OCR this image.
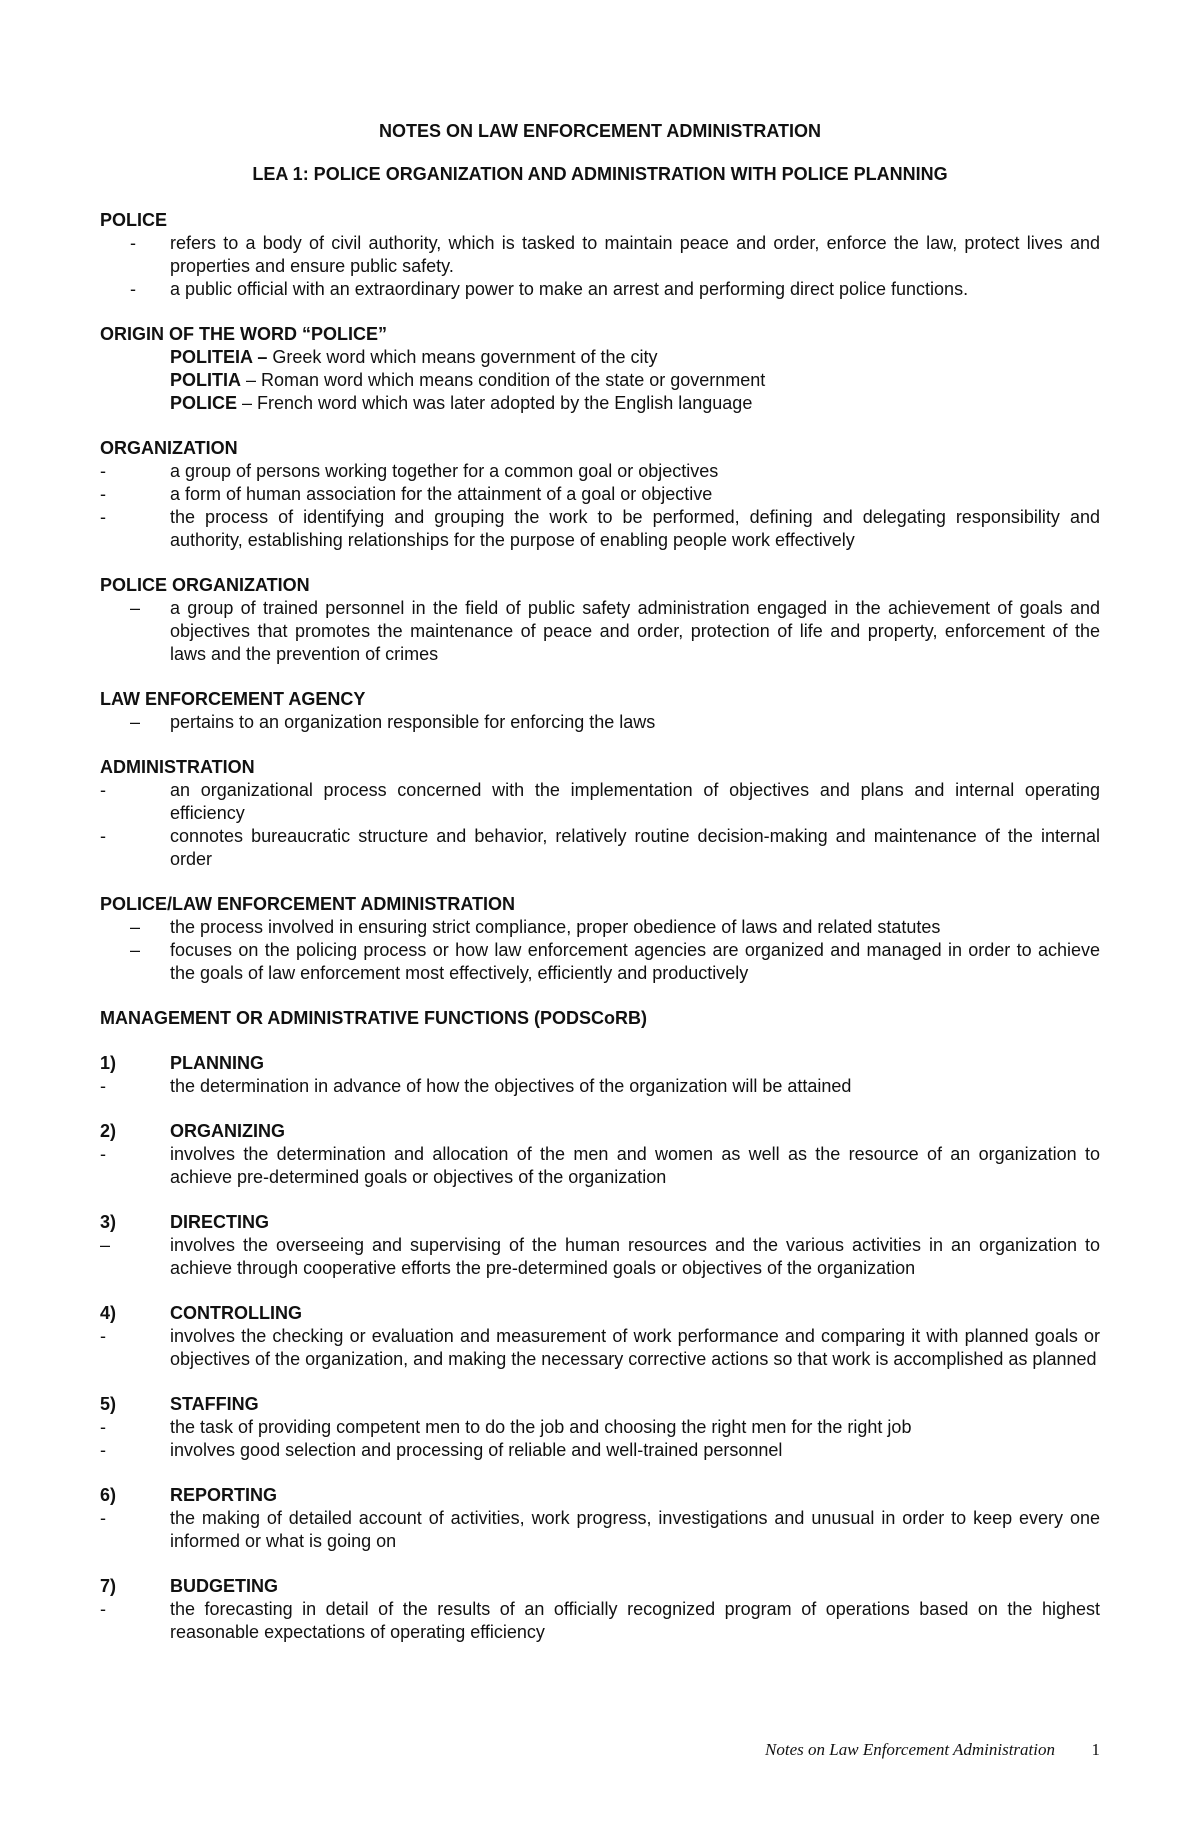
NOTES ON LAW ENFORCEMENT ADMINISTRATION

LEA 1: POLICE ORGANIZATION AND ADMINISTRATION WITH POLICE PLANNING

POLICE

-	refers to a body of civil authority, which is tasked to maintain peace and order, enforce the law, protect lives and properties and ensure public safety.
-	a public official with an extraordinary power to make an arrest and performing direct police functions.

ORIGIN OF THE WORD “POLICE”

POLITEIA – Greek word which means government of the city
POLITIA – Roman word which means condition of the state or government
POLICE – French word which was later adopted by the English language

ORGANIZATION

-	a group of persons working together for a common goal or objectives
-	a form of human association for the attainment of a goal or objective
-	the process of identifying and grouping the work to be performed, defining and delegating responsibility and authority, establishing relationships for the purpose of enabling people work effectively

POLICE ORGANIZATION

–	a group of trained personnel in the field of public safety administration engaged in the achievement of goals and objectives that promotes the maintenance of peace and order, protection of life and property, enforcement of the laws and the prevention of crimes

LAW ENFORCEMENT AGENCY

–	pertains to an organization responsible for enforcing the laws

ADMINISTRATION

-	an organizational process concerned with the implementation of objectives and plans and internal operating efficiency
-	connotes bureaucratic structure and behavior, relatively routine decision-making and maintenance of the internal order

POLICE/LAW ENFORCEMENT ADMINISTRATION

–	the process involved in ensuring strict compliance, proper obedience of laws and related statutes
–	focuses on the policing process or how law enforcement agencies are organized and managed in order to achieve the goals of law enforcement most effectively, efficiently and productively

MANAGEMENT OR ADMINISTRATIVE FUNCTIONS (PODSCoRB)

1)	PLANNING
-	the determination in advance of how the objectives of the organization will be attained
2)	ORGANIZING
-	involves the determination and allocation of the men and women as well as the resource of an organization to achieve pre-determined goals or objectives of the organization
3)	DIRECTING
–	involves the overseeing and supervising of the human resources and the various activities in an organization to achieve through cooperative efforts the pre-determined goals or objectives of the organization
4)	CONTROLLING
-	involves the checking or evaluation and measurement of work performance and comparing it with planned goals or objectives of the organization, and making the necessary corrective actions so that work is accomplished as planned
5)	STAFFING
-	the task of providing competent men to do the job and choosing the right men for the right job
-	involves good selection and processing of reliable and well-trained personnel
6)	REPORTING
-	the making of detailed account of activities, work progress, investigations and unusual in order to keep every one informed or what is going on
7)	BUDGETING
-	the forecasting in detail of the results of an officially recognized program of operations based on the highest reasonable expectations of operating efficiency
Notes on Law Enforcement Administration 1
